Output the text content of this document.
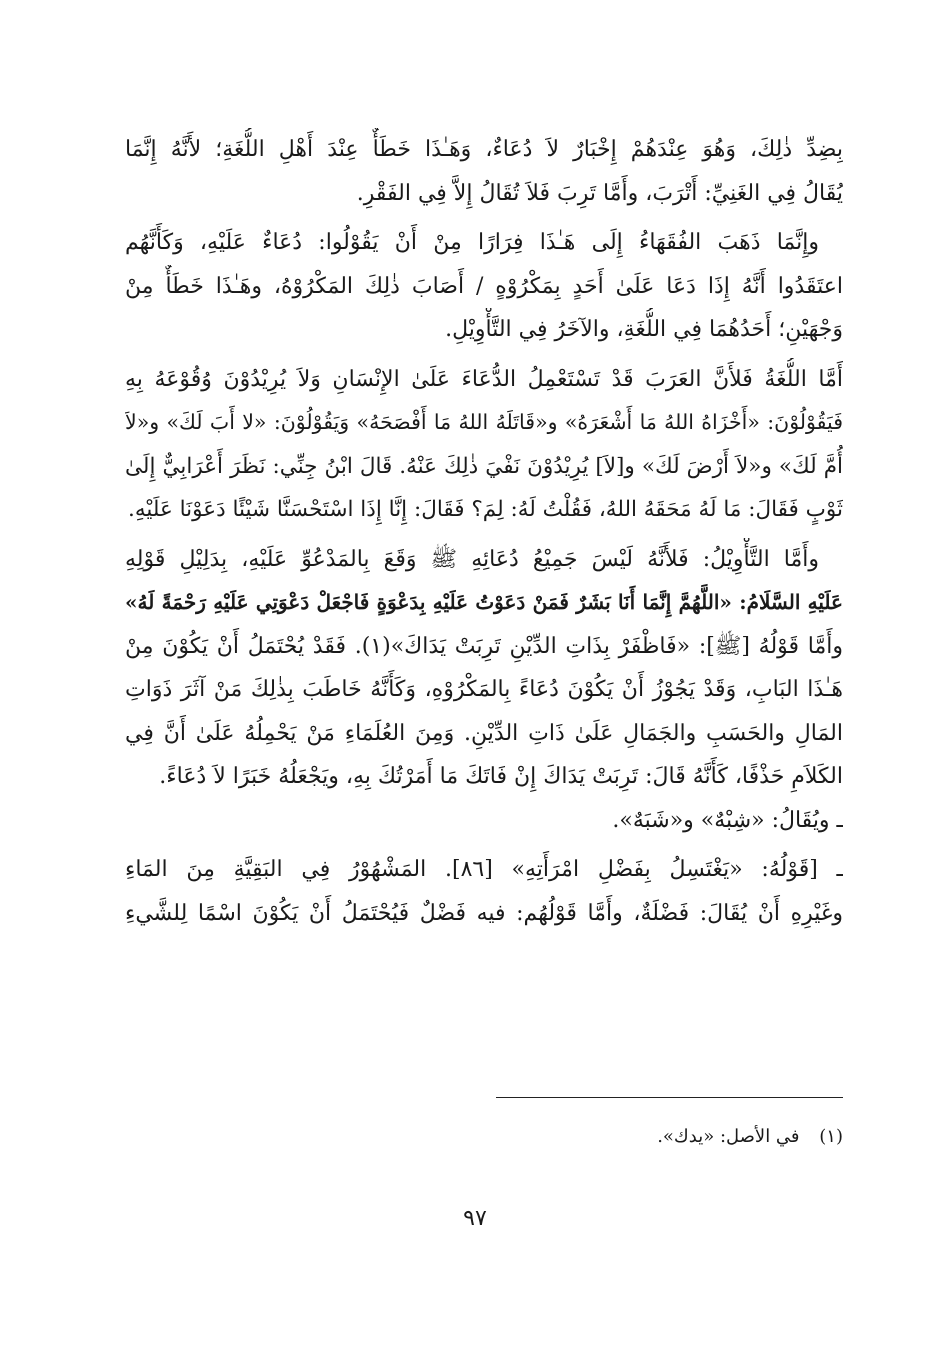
بِضِدِّ ذٰلِكَ، وَهُوَ عِنْدَهُمْ إِخْبَارٌ لاَ دُعَاءٌ، وَهَـٰذَا خَطَأٌ عِنْدَ أَهْلِ اللُّغَةِ؛ لأَنَّهُ إِنَّمَا
يُقَالُ فِي الغَنِيِّ: أَتْرَبَ، وأَمَّا تَرِبَ فَلاَ تُقَالُ إِلاَّ فِي الفَقْرِ.
وإِنَّمَا ذَهَبَ الفُقَهَاءُ إِلَى هَـٰذَا فِرَارًا مِنْ أَنْ يَقُوْلُوا: دُعَاءٌ عَلَيْهِ، وَكَأَنَّهُم
اعتَقَدُوا أَنَّهُ إِذَا دَعَا عَلَىٰ أَحَدٍ بِمَكْرُوْهٍ / أَصَابَ ذٰلِكَ المَكْرُوْهُ، وهَـٰذَا خَطَأٌ مِنْ
وَجْهَيْنِ؛ أَحَدُهُمَا فِي اللُّغَةِ، والآخَرُ فِي التَّأْوِيْلِ.
أَمَّا اللُّغَةُ فَلأَنَّ العَرَبَ قَدْ تَسْتَعْمِلُ الدُّعَاءَ عَلَىٰ الإِنْسَانِ وَلاَ يُرِيْدُوْنَ وُقُوْعَهُ بِهِ
فَيَقُوْلُوْنَ: «أَخْزَاهُ اللهُ مَا أَشْعَرَهُ» و«قَاتَلَهُ اللهُ مَا أَفْصَحَهُ» وَيَقُوْلُوْنَ: «لا أَبَ لَكَ» و«لاَ
أُمَّ لَكَ» و«لاَ أَرْضَ لَكَ» و[لاَ] يُرِيْدُوْنَ نَفْيَ ذٰلِكَ عَنْهُ. قَالَ ابْنُ جِنِّي: نَظَرَ أَعْرَابِيٌّ إِلَىٰ
ثَوْبٍ فَقَالَ: مَا لَهُ مَحَقَهُ اللهُ، فَقُلْتُ لَهُ: لِمَ؟ فَقَالَ: إِنَّا إِذَا اسْتَحْسَنَّا شَيْئًا دَعَوْنَا عَلَيْهِ.
وأَمَّا التَّأْوِيْلُ: فَلأَنَّهُ لَيْسَ جَمِيْعُ دُعَائِهِ ﷺ وَقَعَ بِالمَدْعُوِّ عَلَيْهِ، بِدَلِيْلِ قَوْلِهِ
عَلَيْهِ السَّلَامُ: «اللَّهُمَّ إِنَّمَا أَنَا بَشَرٌ فَمَنْ دَعَوْتُ عَلَيْهِ بِدَعْوَةٍ فَاجْعَلْ دَعْوَتِي عَلَيْهِ رَحْمَةً لَهُ»
وأَمَّا قَوْلُهُ [ﷺ]: «فَاظْفَرْ بِذَاتِ الدِّيْنِ تَرِبَتْ يَدَاكَ»(١). فَقَدْ يُحْتَمَلُ أَنْ يَكُوْنَ مِنْ
هَـٰذَا البَابِ، وَقَدْ يَجُوْزُ أَنْ يَكُوْنَ دُعَاءً بِالمَكْرُوْهِ، وَكَأَنَّهُ خَاطَبَ بِذٰلِكَ مَنْ آثَرَ ذَوَاتِ
المَالِ والحَسَبِ والجَمَالِ عَلَىٰ ذَاتِ الدِّيْنِ. وَمِنَ العُلَمَاءِ مَنْ يَحْمِلُهُ عَلَىٰ أَنَّ فِي
الكَلاَمِ حَذْفًا، كَأَنَّهُ قَالَ: تَرِبَتْ يَدَاكَ إِنْ فَاتَكَ مَا أَمَرْتُكَ بِهِ، ويَجْعَلُهُ خَبَرًا لاَ دُعَاءً.
ـ ويُقَالُ: «شِبْهٌ» و«شَبَهٌ».
ـ [قَوْلُهُ: «يَغْتَسِلُ بِفَضْلِ امْرَأَتِهِ» [٨٦]. المَشْهُوْرُ فِي البَقِيَّةِ مِنَ المَاءِ
وغَيْرِهِ أَنْ يُقَالَ: فَضْلَةٌ، وأَمَّا قَوْلُهُم: فيه فَضْلٌ فَيُحْتَمَلُ أَنْ يَكُوْنَ اسْمًا لِلشَّيءِ
(١) في الأصل: «يدك».
٩٧
